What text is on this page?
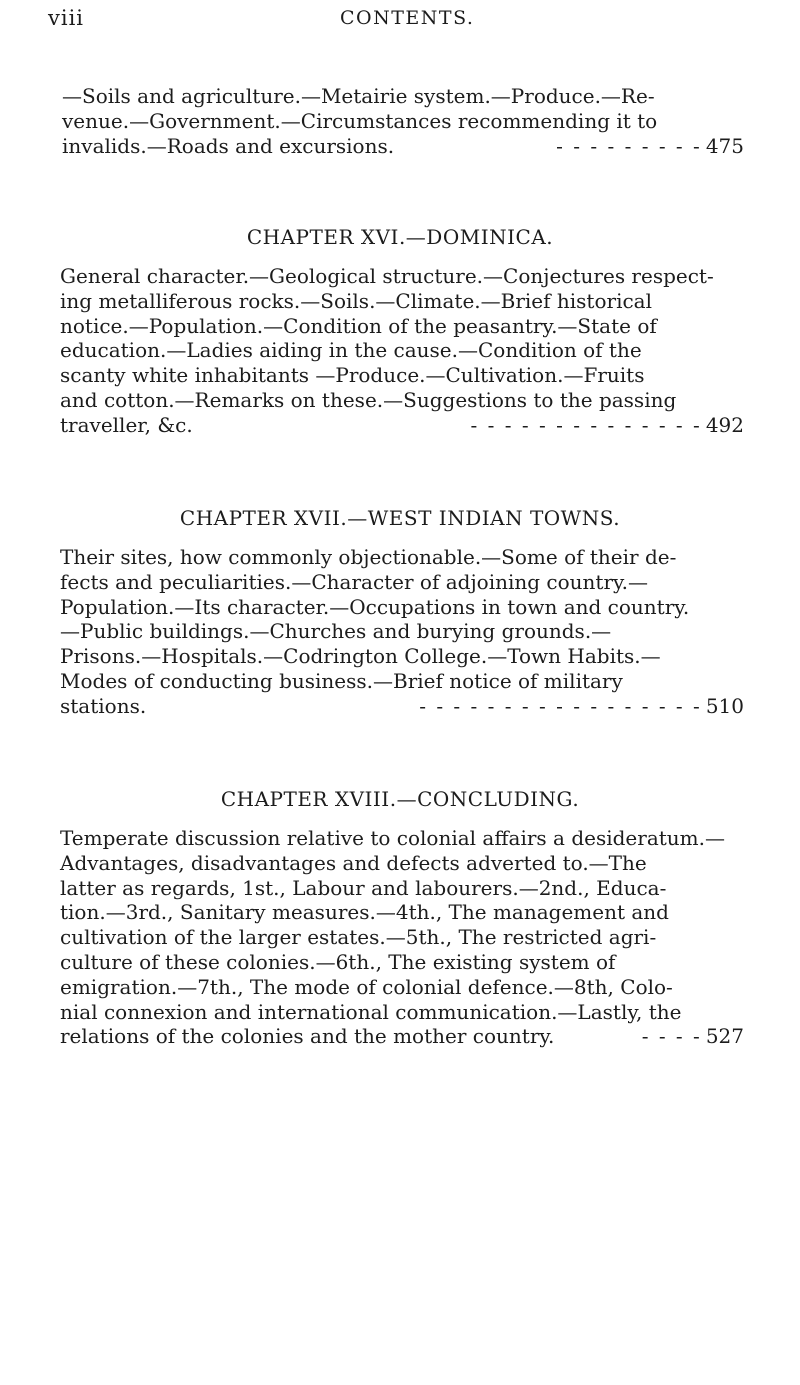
viii	CONTENTS.
—Soils and agriculture.—Metairie system.—Produce.—Re-
venue.—Government.—Circumstances recommending it to
invalids.—Roads and excursions.	- - - - - - - - - 475
CHAPTER XVI.—DOMINICA.
General character.—Geological structure.—Conjectures respect-
ing metalliferous rocks.—Soils.—Climate.—Brief historical
notice.—Population.—Condition of the peasantry.—State of
education.—Ladies aiding in the cause.—Condition of the
scanty white inhabitants —Produce.—Cultivation.—Fruits
and cotton.—Remarks on these.—Suggestions to the passing
traveller, &c.	- - - - - - - - - - - - - - 492
CHAPTER XVII.—WEST INDIAN TOWNS.
Their sites, how commonly objectionable.—Some of their de-
fects and peculiarities.—Character of adjoining country.—
Population.—Its character.—Occupations in town and country.
—Public buildings.—Churches and burying grounds.—
Prisons.—Hospitals.—Codrington College.—Town Habits.—
Modes of conducting business.—Brief notice of military
stations.	- - - - - - - - - - - - - - - - - 510
CHAPTER XVIII.—CONCLUDING.
Temperate discussion relative to colonial affairs a desideratum.—
Advantages, disadvantages and defects adverted to.—The
latter as regards, 1st., Labour and labourers.—2nd., Educa-
tion.—3rd., Sanitary measures.—4th., The management and
cultivation of the larger estates.—5th., The restricted agri-
culture of these colonies.—6th., The existing system of
emigration.—7th., The mode of colonial defence.—8th, Colo-
nial connexion and international communication.—Lastly, the
relations of the colonies and the mother country.	- - - - 527
